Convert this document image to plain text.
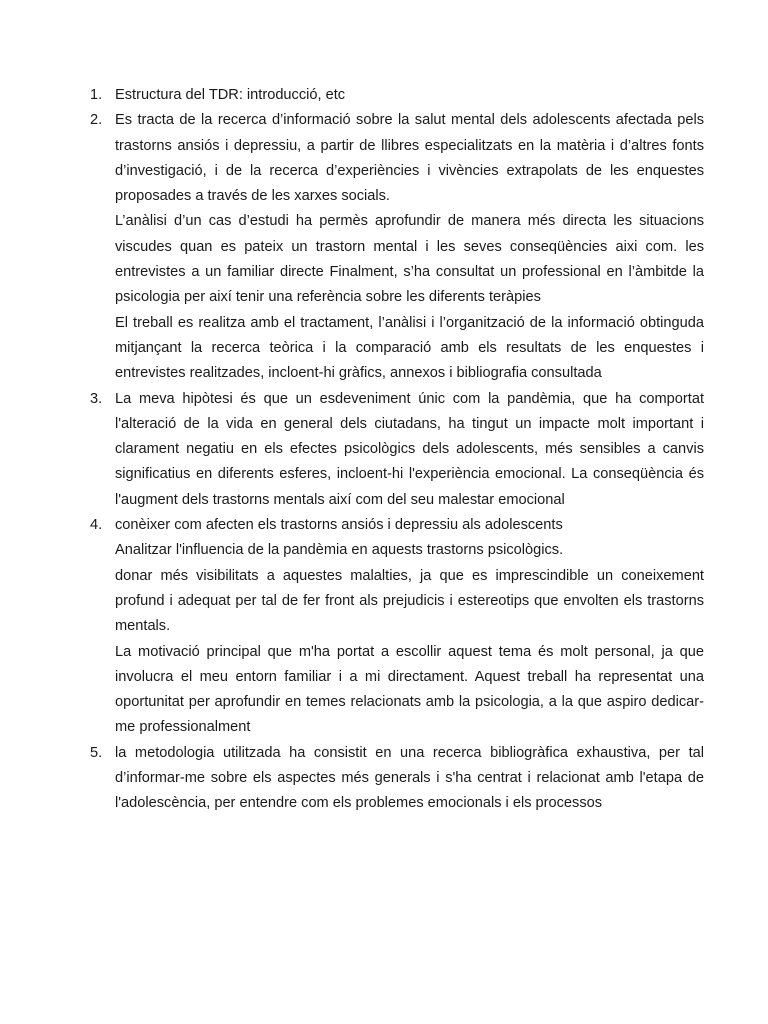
1. Estructura del TDR: introducció, etc

2. Es tracta de la recerca d’informació sobre la salut mental dels adolescents afectada pels trastorns ansiós i depressiu, a partir de llibres especialitzats en la matèria i d’altres fonts d’investigació, i de la recerca d’experiències i vivències extrapolats de les enquestes proposades a través de les xarxes socials.

L’anàlisi d’un cas d’estudi ha permès aprofundir de manera més directa les situacions viscudes quan es pateix un trastorn mental i les seves conseqüències aixi com. les entrevistes a un familiar directe Finalment, s’ha consultat un professional en l’àmbitde la psicologia per així tenir una referència sobre les diferents teràpies

El treball es realitza amb el tractament, l’anàlisi i l’organització de la informació obtinguda mitjançant la recerca teòrica i la comparació amb els resultats de les enquestes i entrevistes realitzades, incloent-hi gràfics, annexos i bibliografia consultada

3. La meva hipòtesi és que un esdeveniment únic com la pandèmia, que ha comportat l'alteració de la vida en general dels ciutadans, ha tingut un impacte molt important i clarament negatiu en els efectes psicològics dels adolescents, més sensibles a canvis significatius en diferents esferes, incloent-hi l'experiència emocional. La conseqüència és l'augment dels trastorns mentals així com del seu malestar emocional

4. conèixer com afecten els trastorns ansiós i depressiu als adolescents

Analitzar l'influencia de la pandèmia en aquests trastorns psicològics.

donar més visibilitats a aquestes malalties, ja que es imprescindible un coneixement profund i adequat per tal de fer front als prejudicis i estereotips que envolten els trastorns mentals.

La motivació principal que m'ha portat a escollir aquest tema és molt personal, ja que involucra el meu entorn familiar i a mi directament. Aquest treball ha representat una oportunitat per aprofundir en temes relacionats amb la psicologia, a la que aspiro dedicar-me professionalment

5. la metodologia utilitzada ha consistit en una recerca bibliogràfica exhaustiva, per tal d’informar-me sobre els aspectes més generals i s'ha centrat i relacionat amb l'etapa de l'adolescència, per entendre com els problemes emocionals i els processos
